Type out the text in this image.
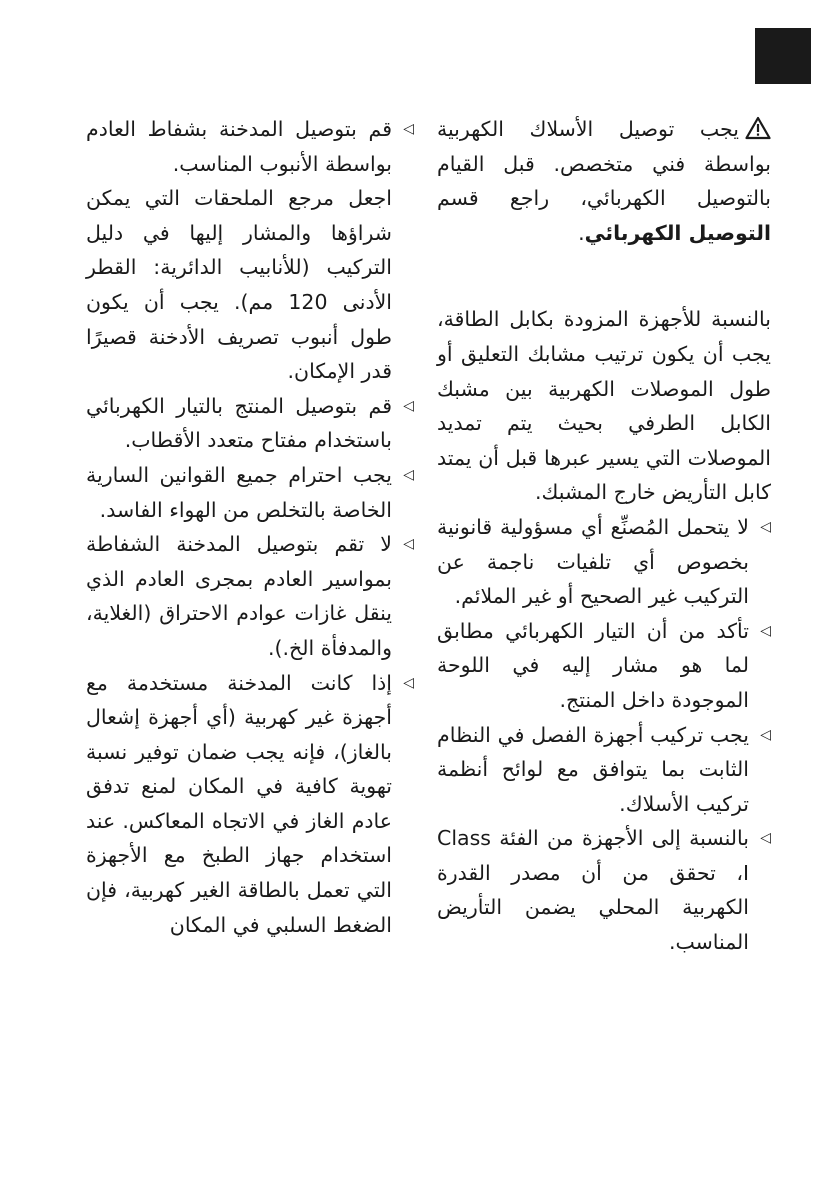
يجب توصيل الأسلاك الكهربية بواسطة فني متخصص. قبل القيام بالتوصيل الكهربائي، راجع قسم التوصيل الكهربائي.

بالنسبة للأجهزة المزودة بكابل الطاقة، يجب أن يكون ترتيب مشابك التعليق أو طول الموصلات الكهربية بين مشبك الكابل الطرفي بحيث يتم تمديد الموصلات التي يسير عبرها قبل أن يمتد كابل التأريض خارج المشبك.

◁
لا يتحمل المُصنِّع أي مسؤولية قانونية بخصوص أي تلفيات ناجمة عن التركيب غير الصحيح أو غير الملائم.

◁
تأكد من أن التيار الكهربائي مطابق لما هو مشار إليه في اللوحة الموجودة داخل المنتج.

◁
يجب تركيب أجهزة الفصل في النظام الثابت بما يتوافق مع لوائح أنظمة تركيب الأسلاك.

◁
بالنسبة إلى الأجهزة من الفئة Class I، تحقق من أن مصدر القدرة الكهربية المحلي يضمن التأريض المناسب.

◁
قم بتوصيل المدخنة بشفاط العادم بواسطة الأنبوب المناسب.

اجعل مرجع الملحقات التي يمكن شراؤها والمشار إليها في دليل التركيب (للأنابيب الدائرية: القطر الأدنى 120 مم). يجب أن يكون طول أنبوب تصريف الأدخنة قصيرًا قدر الإمكان.

◁
قم بتوصيل المنتج بالتيار الكهربائي باستخدام مفتاح متعدد الأقطاب.

◁
يجب احترام جميع القوانين السارية الخاصة بالتخلص من الهواء الفاسد.

◁
لا تقم بتوصيل المدخنة الشفاطة بمواسير العادم بمجرى العادم الذي ينقل غازات عوادم الاحتراق (الغلاية، والمدفأة الخ.).

◁
إذا كانت المدخنة مستخدمة مع أجهزة غير كهربية (أي أجهزة إشعال بالغاز)، فإنه يجب ضمان توفير نسبة تهوية كافية في المكان لمنع تدفق عادم الغاز في الاتجاه المعاكس. عند استخدام جهاز الطبخ مع الأجهزة التي تعمل بالطاقة الغير كهربية، فإن الضغط السلبي في المكان
